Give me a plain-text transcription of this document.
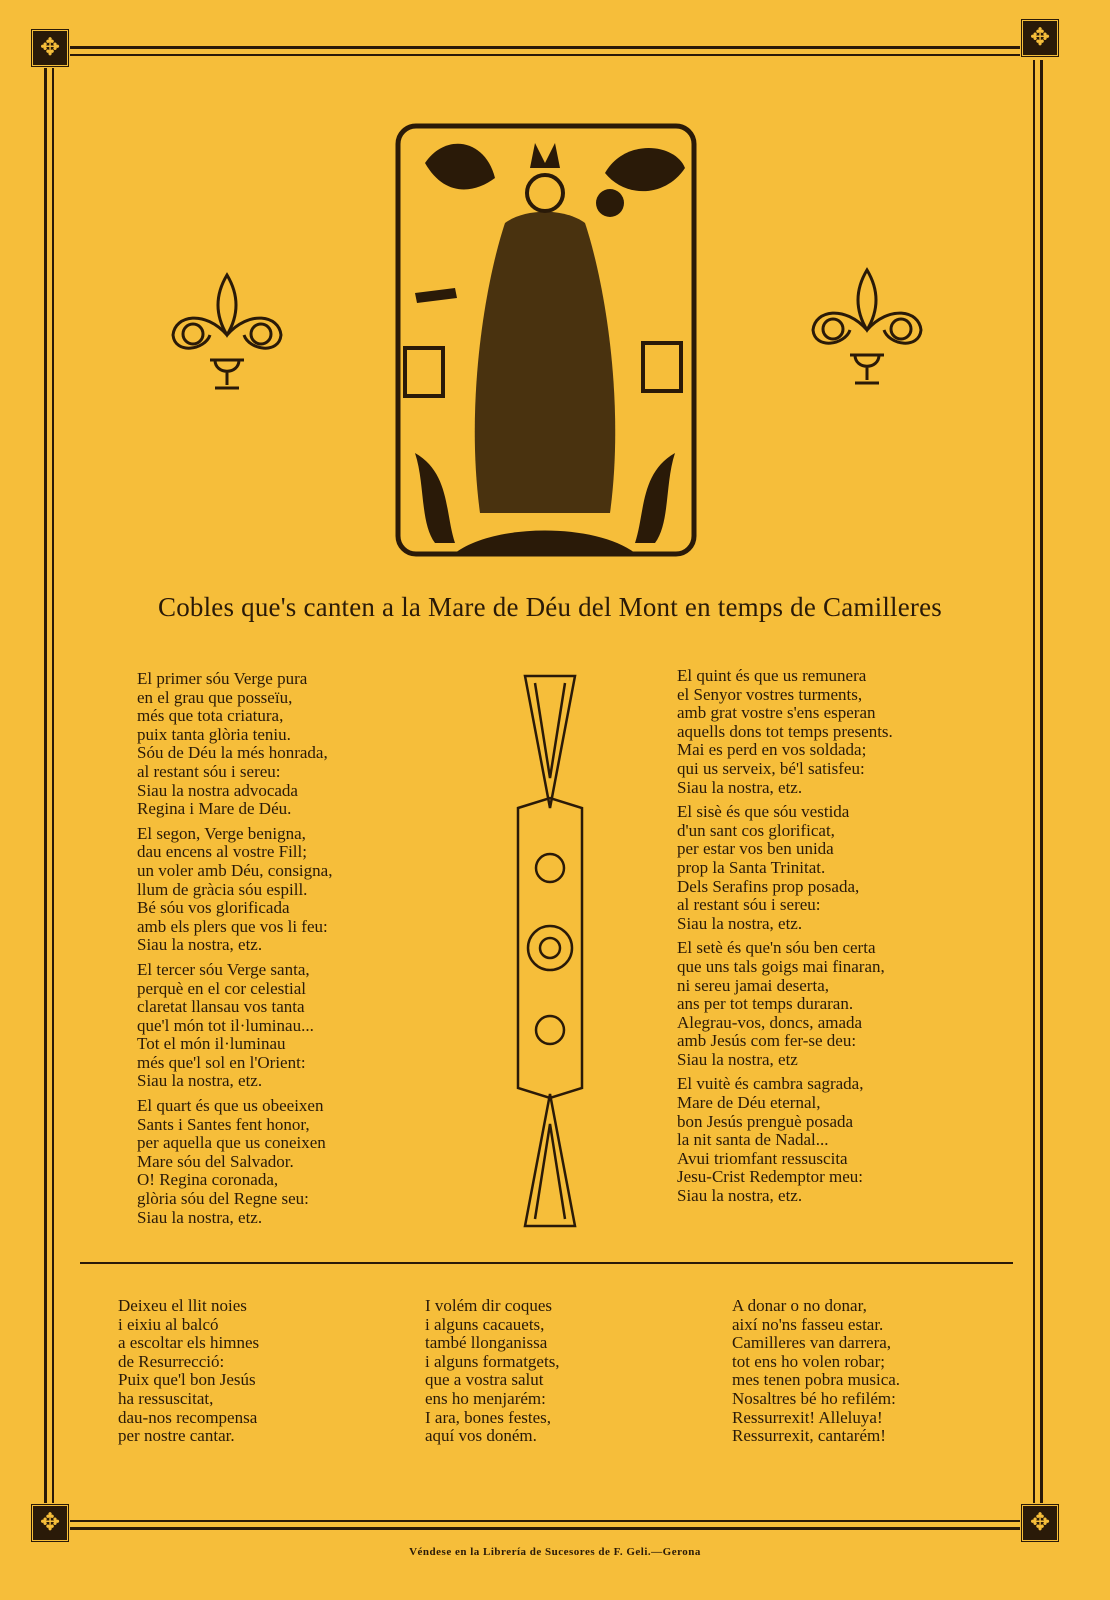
✥
✥
✥
✥
Cobles que's canten a la Mare de Déu del Mont en temps de Camilleres
El primer sóu Verge pura
en el grau que posseïu,
més que tota criatura,
puix tanta glòria teniu.
Sóu de Déu la més honrada,
al restant sóu i sereu:
Siau la nostra advocada
Regina i Mare de Déu.
El segon, Verge benigna,
dau encens al vostre Fill;
un voler amb Déu, consigna,
llum de gràcia sóu espill.
Bé sóu vos glorificada
amb els plers que vos li feu:
Siau la nostra, etz.
El tercer sóu Verge santa,
perquè en el cor celestial
claretat llansau vos tanta
que'l món tot il·luminau...
Tot el món il·luminau
més que'l sol en l'Orient:
Siau la nostra, etz.
El quart és que us obeeixen
Sants i Santes fent honor,
per aquella que us coneixen
Mare sóu del Salvador.
O! Regina coronada,
glòria sóu del Regne seu:
Siau la nostra, etz.
El quint és que us remunera
el Senyor vostres turments,
amb grat vostre s'ens esperan
aquells dons tot temps presents.
Mai es perd en vos soldada;
qui us serveix, bé'l satisfeu:
Siau la nostra, etz.
El sisè és que sóu vestida
d'un sant cos glorificat,
per estar vos ben unida
prop la Santa Trinitat.
Dels Serafins prop posada,
al restant sóu i sereu:
Siau la nostra, etz.
El setè és que'n sóu ben certa
que uns tals goigs mai finaran,
ni sereu jamai deserta,
ans per tot temps duraran.
Alegrau-vos, doncs, amada
amb Jesús com fer-se deu:
Siau la nostra, etz
El vuitè és cambra sagrada,
Mare de Déu eternal,
bon Jesús prenguè posada
la nit santa de Nadal...
Avui triomfant ressuscita
Jesu-Crist Redemptor meu:
Siau la nostra, etz.
Deixeu el llit noies
i eixiu al balcó
a escoltar els himnes
de Resurrecció:
Puix que'l bon Jesús
ha ressuscitat,
dau-nos recompensa
per nostre cantar.
I volém dir coques
i alguns cacauets,
també llonganissa
i alguns formatgets,
que a vostra salut
ens ho menjarém:
I ara, bones festes,
aquí vos doném.
A donar o no donar,
així no'ns fasseu estar.
Camilleres van darrera,
tot ens ho volen robar;
mes tenen pobra musica.
Nosaltres bé ho refilém:
Ressurrexit! Alleluya!
Ressurrexit, cantarém!
Véndese en la Librería de Sucesores de F. Geli.—Gerona
